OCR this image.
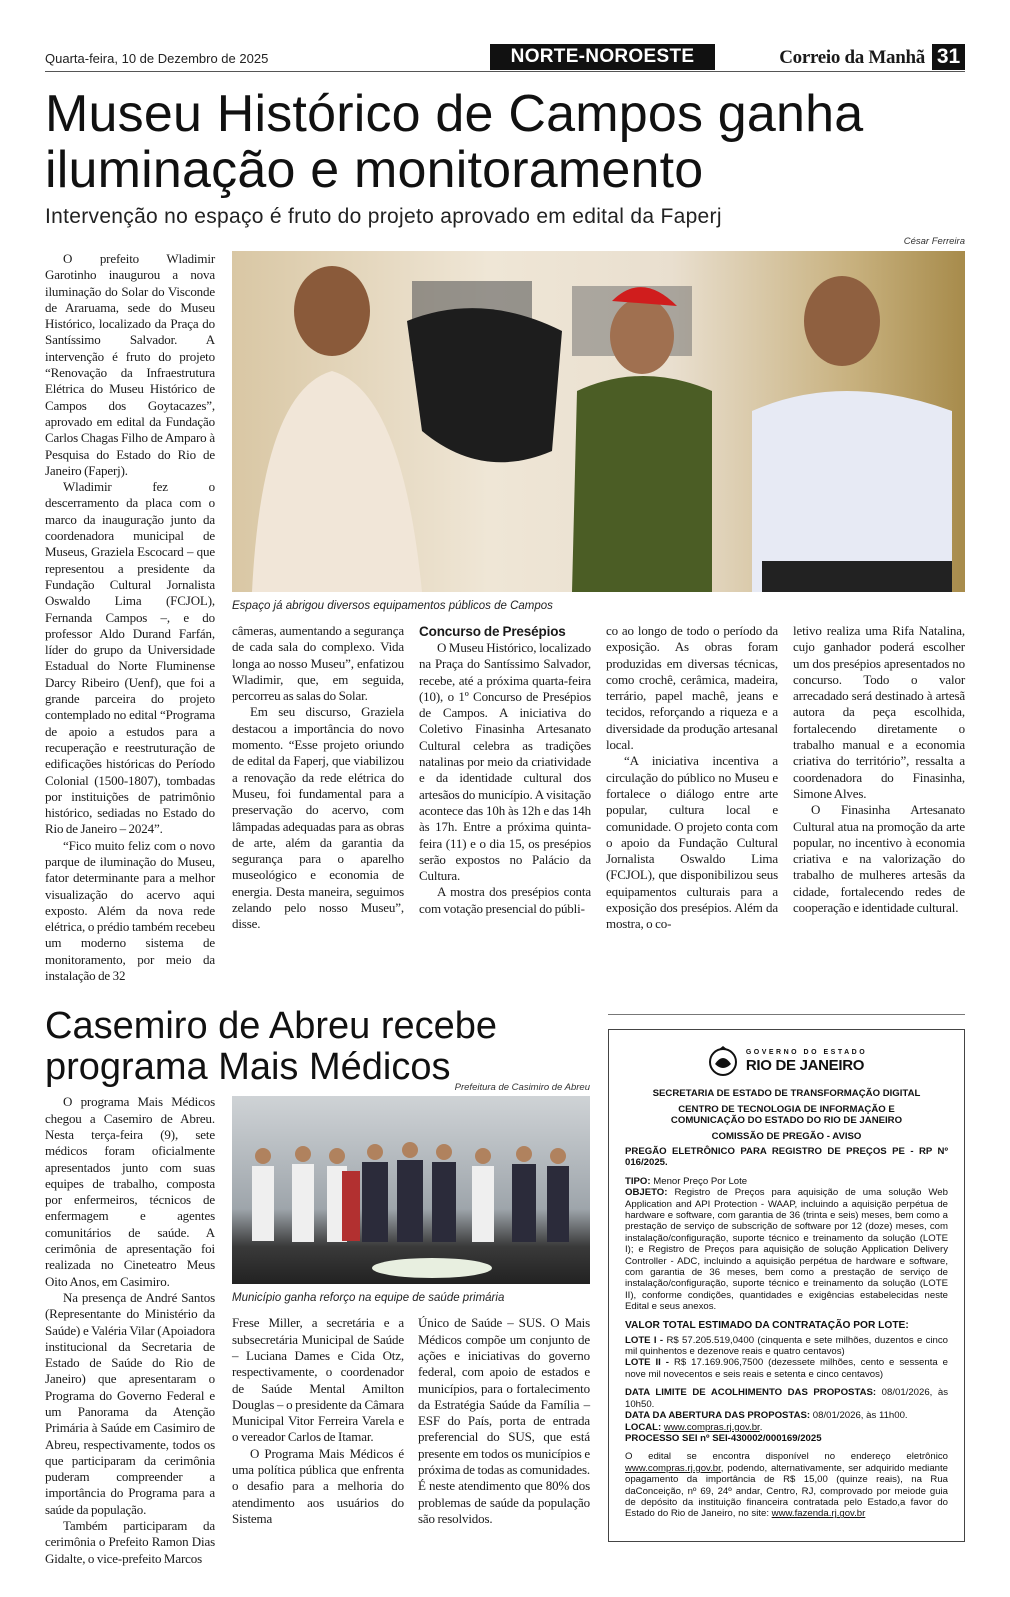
Quarta-feira, 10 de Dezembro de 2025	NORTE-NOROESTE	Correio da Manhã 31
Museu Histórico de Campos ganha iluminação e monitoramento
Intervenção no espaço é fruto do projeto aprovado em edital da Faperj
César Ferreira

O prefeito Wladimir Garotinho inaugurou a nova iluminação do Solar do Visconde de Araruama, sede do Museu Histórico, localizado da Praça do Santíssimo Salvador. A intervenção é fruto do projeto “Renovação da Infraestrutura Elétrica do Museu Histórico de Campos dos Goytacazes”, aprovado em edital da Fundação Carlos Chagas Filho de Amparo à Pesquisa do Estado do Rio de Janeiro (Faperj).

Wladimir fez o descerramento da placa com o marco da inauguração junto da coordenadora municipal de Museus, Graziela Escocard – que representou a presidente da Fundação Cultural Jornalista Oswaldo Lima (FCJOL), Fernanda Campos –, e do professor Aldo Durand Farfán, líder do grupo da Universidade Estadual do Norte Fluminense Darcy Ribeiro (Uenf), que foi a grande parceira do projeto contemplado no edital “Programa de apoio a estudos para a recuperação e reestruturação de edificações históricas do Período Colonial (1500-1807), tombadas por instituições de patrimônio histórico, sediadas no Estado do Rio de Janeiro – 2024”.

“Fico muito feliz com o novo parque de iluminação do Museu, fator determinante para a melhor visualização do acervo aqui exposto. Além da nova rede elétrica, o prédio também recebeu um moderno sistema de monitoramento, por meio da instalação de 32

Espaço já abrigou diversos equipamentos públicos de Campos

câmeras, aumentando a segurança de cada sala do complexo. Vida longa ao nosso Museu”, enfatizou Wladimir, que, em seguida, percorreu as salas do Solar.

Em seu discurso, Graziela destacou a importância do novo momento. “Esse projeto oriundo de edital da Faperj, que viabilizou a renovação da rede elétrica do Museu, foi fundamental para a preservação do acervo, com lâmpadas adequadas para as obras de arte, além da garantia da segurança para o aparelho museológico e economia de energia. Desta maneira, seguimos zelando pelo nosso Museu”, disse.

Concurso de Presépios

O Museu Histórico, localizado na Praça do Santíssimo Salvador, recebe, até a próxima quarta-feira (10), o 1º Concurso de Presépios de Campos. A iniciativa do Coletivo Finasinha Artesanato Cultural celebra as tradições natalinas por meio da criatividade e da identidade cultural dos artesãos do município. A visitação acontece das 10h às 12h e das 14h às 17h. Entre a próxima quinta-feira (11) e o dia 15, os presépios serão expostos no Palácio da Cultura.

A mostra dos presépios conta com votação presencial do públi-

co ao longo de todo o período da exposição. As obras foram produzidas em diversas técnicas, como crochê, cerâmica, madeira, terrário, papel machê, jeans e tecidos, reforçando a riqueza e a diversidade da produção artesanal local.

“A iniciativa incentiva a circulação do público no Museu e fortalece o diálogo entre arte popular, cultura local e comunidade. O projeto conta com o apoio da Fundação Cultural Jornalista Oswaldo Lima (FCJOL), que disponibilizou seus equipamentos culturais para a exposição dos presépios. Além da mostra, o co-

letivo realiza uma Rifa Natalina, cujo ganhador poderá escolher um dos presépios apresentados no concurso. Todo o valor arrecadado será destinado à artesã autora da peça escolhida, fortalecendo diretamente o trabalho manual e a economia criativa do território”, ressalta a coordenadora do Finasinha, Simone Alves.

O Finasinha Artesanato Cultural atua na promoção da arte popular, no incentivo à economia criativa e na valorização do trabalho de mulheres artesãs da cidade, fortalecendo redes de cooperação e identidade cultural.

Casemiro de Abreu recebe programa Mais Médicos

O programa Mais Médicos chegou a Casemiro de Abreu. Nesta terça-feira (9), sete médicos foram oficialmente apresentados junto com suas equipes de trabalho, composta por enfermeiros, técnicos de enfermagem e agentes comunitários de saúde. A cerimônia de apresentação foi realizada no Cineteatro Meus Oito Anos, em Casimiro.

Na presença de André Santos (Representante do Ministério da Saúde) e Valéria Vilar (Apoiadora institucional da Secretaria de Estado de Saúde do Rio de Janeiro) que apresentaram o Programa do Governo Federal e um Panorama da Atenção Primária à Saúde em Casimiro de Abreu, respectivamente, todos os que participaram da cerimônia puderam compreender a importância do Programa para a saúde da população.

Também participaram da cerimônia o Prefeito Ramon Dias Gidalte, o vice-prefeito Marcos

Prefeitura de Casimiro de Abreu
Município ganha reforço na equipe de saúde primária

Frese Miller, a secretária e a subsecretária Municipal de Saúde – Luciana Dames e Cida Otz, respectivamente, o coordenador de Saúde Mental Amilton Douglas – o presidente da Câmara Municipal Vitor Ferreira Varela e o vereador Carlos de Itamar.

O Programa Mais Médicos é uma política pública que enfrenta o desafio para a melhoria do atendimento aos usuários do Sistema

Único de Saúde – SUS. O Mais Médicos compõe um conjunto de ações e iniciativas do governo federal, com apoio de estados e municípios, para o fortalecimento da Estratégia Saúde da Família – ESF do País, porta de entrada preferencial do SUS, que está presente em todos os municípios e próxima de todas as comunidades. É neste atendimento que 80% dos problemas de saúde da população são resolvidos.

GOVERNO DO ESTADO
RIO DE JANEIRO
SECRETARIA DE ESTADO DE TRANSFORMAÇÃO DIGITAL
CENTRO DE TECNOLOGIA DE INFORMAÇÃO E COMUNICAÇÃO DO ESTADO DO RIO DE JANEIRO
COMISSÃO DE PREGÃO - AVISO

PREGÃO ELETRÔNICO PARA REGISTRO DE PREÇOS PE - RP Nº 016/2025.

TIPO: Menor Preço Por Lote
OBJETO: Registro de Preços para aquisição de uma solução Web Application and API Protection - WAAP, incluindo a aquisição perpétua de hardware e software, com garantia de 36 (trinta e seis) meses, bem como a prestação de serviço de subscrição de software por 12 (doze) meses, com instalação/configuração, suporte técnico e treinamento da solução (LOTE I); e Registro de Preços para aquisição de solução Application Delivery Controller - ADC, incluindo a aquisição perpétua de hardware e software, com garantia de 36 meses, bem como a prestação de serviço de instalação/configuração, suporte técnico e treinamento da solução (LOTE II), conforme condições, quantidades e exigências estabelecidas neste Edital e seus anexos.

VALOR TOTAL ESTIMADO DA CONTRATAÇÃO POR LOTE:

LOTE I - R$ 57.205.519,0400 (cinquenta e sete milhões, duzentos e cinco mil quinhentos e dezenove reais e quatro centavos)
LOTE II - R$ 17.169.906,7500 (dezessete milhões, cento e sessenta e nove mil novecentos e seis reais e setenta e cinco centavos)

DATA LIMITE DE ACOLHIMENTO DAS PROPOSTAS: 08/01/2026, às 10h50.
DATA DA ABERTURA DAS PROPOSTAS: 08/01/2026, às 11h00.
LOCAL: www.compras.rj.gov.br.
PROCESSO SEI nº SEI-430002/000169/2025

O edital se encontra disponível no endereço eletrônico www.compras.rj.gov.br, podendo, alternativamente, ser adquirido mediante opagamento da importância de R$ 15,00 (quinze reais), na Rua daConceição, nº 69, 24º andar, Centro, RJ, comprovado por meiode guia de depósito da instituição financeira contratada pelo Estado,a favor do Estado do Rio de Janeiro, no site: www.fazenda.rj.gov.br
